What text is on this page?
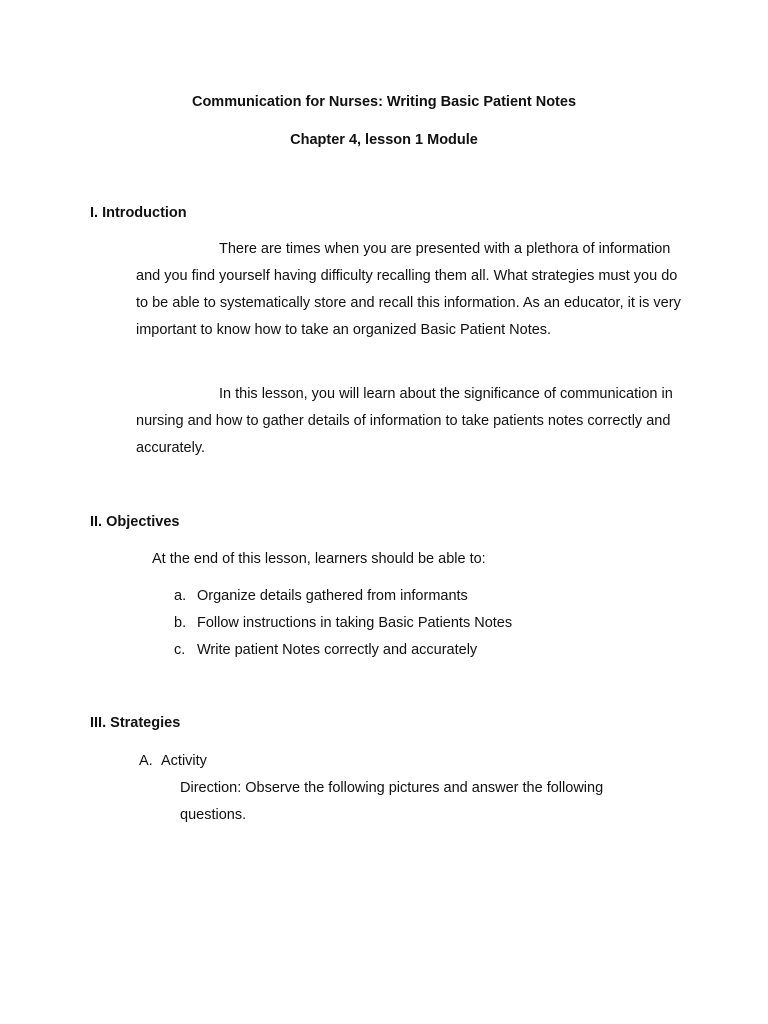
Communication for Nurses: Writing Basic Patient Notes
Chapter 4, lesson 1 Module
I. Introduction

There are times when you are presented with a plethora of information and you find yourself having difficulty recalling them all. What strategies must you do to be able to systematically store and recall this information. As an educator, it is very important to know how to take an organized Basic Patient Notes.

In this lesson, you will learn about the significance of communication in nursing and how to gather details of information to take patients notes correctly and accurately.

II. Objectives
At the end of this lesson, learners should be able to:
a. Organize details gathered from informants
b. Follow instructions in taking Basic Patients Notes
c. Write patient Notes correctly and accurately
III. Strategies
A. Activity

Direction: Observe the following pictures and answer the following questions.
